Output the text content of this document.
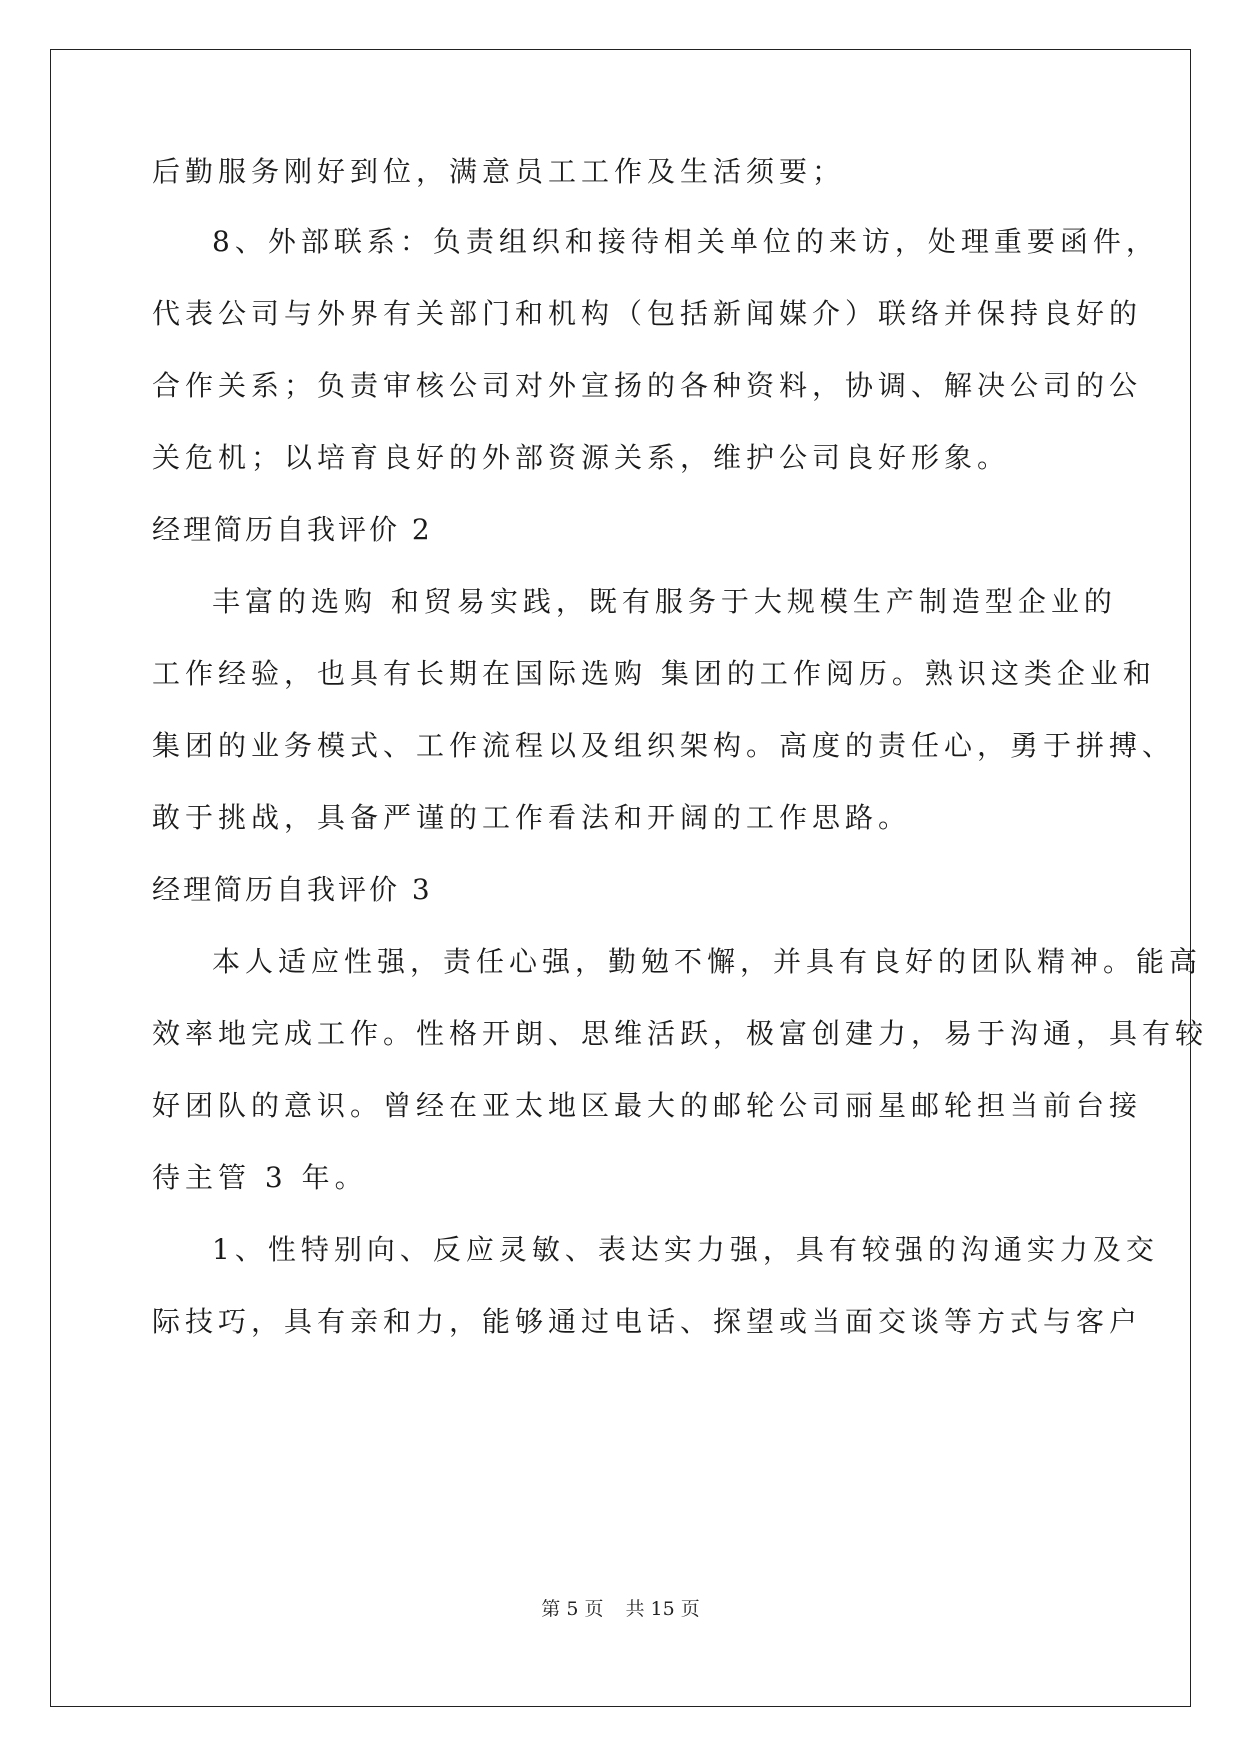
后勤服务刚好到位，满意员工工作及生活须要；
8、外部联系：负责组织和接待相关单位的来访，处理重要函件，
代表公司与外界有关部门和机构（包括新闻媒介）联络并保持良好的
合作关系；负责审核公司对外宣扬的各种资料，协调、解决公司的公
关危机；以培育良好的外部资源关系，维护公司良好形象。
经理简历自我评价 2
丰富的选购 和贸易实践，既有服务于大规模生产制造型企业的
工作经验，也具有长期在国际选购 集团的工作阅历。熟识这类企业和
集团的业务模式、工作流程以及组织架构。高度的责任心，勇于拼搏、
敢于挑战，具备严谨的工作看法和开阔的工作思路。
经理简历自我评价 3
本人适应性强，责任心强，勤勉不懈，并具有良好的团队精神。能高
效率地完成工作。性格开朗、思维活跃，极富创建力，易于沟通，具有较
好团队的意识。曾经在亚太地区最大的邮轮公司丽星邮轮担当前台接
待主管 3 年。
1、性特别向、反应灵敏、表达实力强，具有较强的沟通实力及交
际技巧，具有亲和力，能够通过电话、探望或当面交谈等方式与客户
第 5 页 共 15 页
